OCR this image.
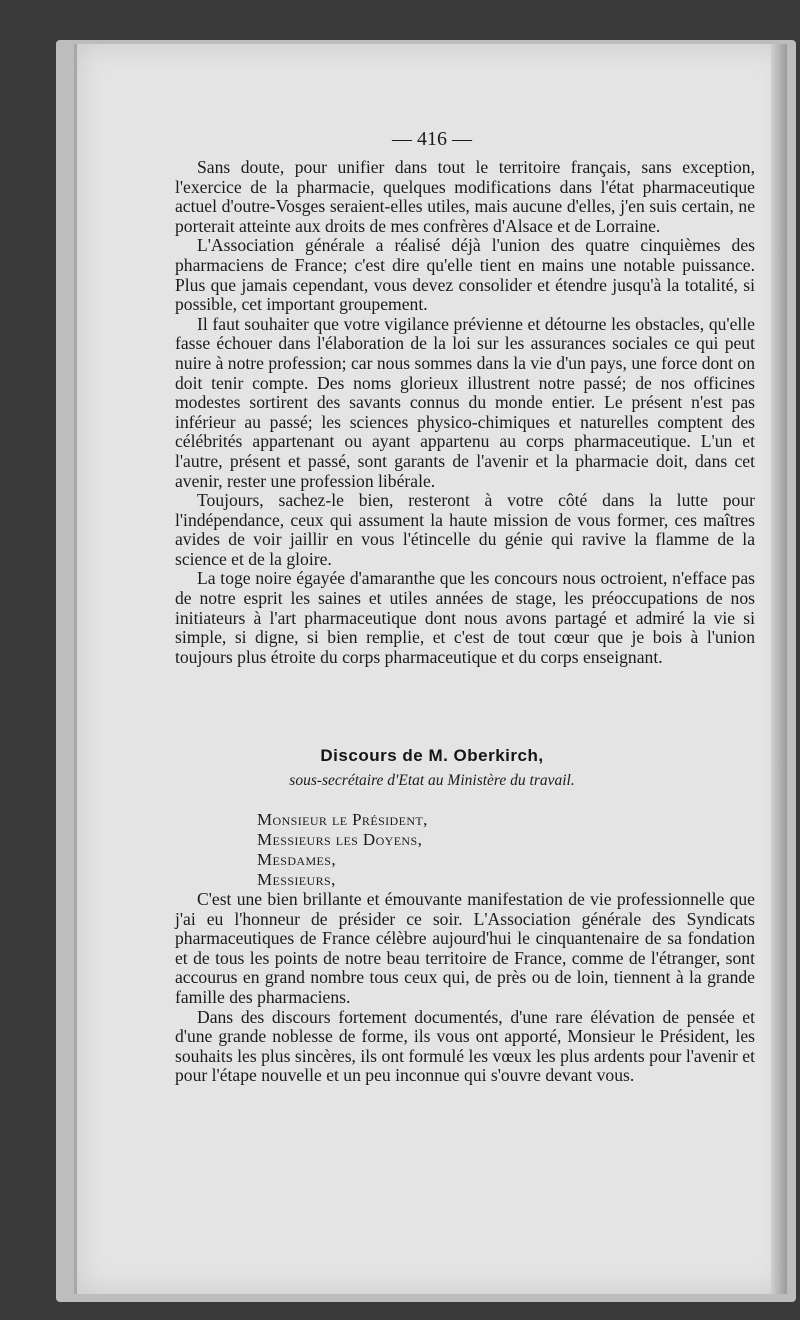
— 416 —

Sans doute, pour unifier dans tout le territoire français, sans exception, l'exercice de la pharmacie, quelques modifications dans l'état pharmaceutique actuel d'outre-Vosges seraient-elles utiles, mais aucune d'elles, j'en suis certain, ne porterait atteinte aux droits de mes confrères d'Alsace et de Lorraine.

L'Association générale a réalisé déjà l'union des quatre cinquièmes des pharmaciens de France; c'est dire qu'elle tient en mains une notable puissance. Plus que jamais cependant, vous devez consolider et étendre jusqu'à la totalité, si possible, cet important groupement.

Il faut souhaiter que votre vigilance prévienne et détourne les obstacles, qu'elle fasse échouer dans l'élaboration de la loi sur les assurances sociales ce qui peut nuire à notre profession; car nous sommes dans la vie d'un pays, une force dont on doit tenir compte. Des noms glorieux illustrent notre passé; de nos officines modestes sortirent des savants connus du monde entier. Le présent n'est pas inférieur au passé; les sciences physico-chimiques et naturelles comptent des célébrités appartenant ou ayant appartenu au corps pharmaceutique. L'un et l'autre, présent et passé, sont garants de l'avenir et la pharmacie doit, dans cet avenir, rester une profession libérale.

Toujours, sachez-le bien, resteront à votre côté dans la lutte pour l'indépendance, ceux qui assument la haute mission de vous former, ces maîtres avides de voir jaillir en vous l'étincelle du génie qui ravive la flamme de la science et de la gloire.

La toge noire égayée d'amaranthe que les concours nous octroient, n'efface pas de notre esprit les saines et utiles années de stage, les préoccupations de nos initiateurs à l'art pharmaceutique dont nous avons partagé et admiré la vie si simple, si digne, si bien remplie, et c'est de tout cœur que je bois à l'union toujours plus étroite du corps pharmaceutique et du corps enseignant.

Discours de M. Oberkirch,
sous-secrétaire d'Etat au Ministère du travail.
Monsieur le Président,
Messieurs les Doyens,
Mesdames,
Messieurs,

C'est une bien brillante et émouvante manifestation de vie professionnelle que j'ai eu l'honneur de présider ce soir. L'Association générale des Syndicats pharmaceutiques de France célèbre aujourd'hui le cinquantenaire de sa fondation et de tous les points de notre beau territoire de France, comme de l'étranger, sont accourus en grand nombre tous ceux qui, de près ou de loin, tiennent à la grande famille des pharmaciens.

Dans des discours fortement documentés, d'une rare élévation de pensée et d'une grande noblesse de forme, ils vous ont apporté, Monsieur le Président, les souhaits les plus sincères, ils ont formulé les vœux les plus ardents pour l'avenir et pour l'étape nouvelle et un peu inconnue qui s'ouvre devant vous.
